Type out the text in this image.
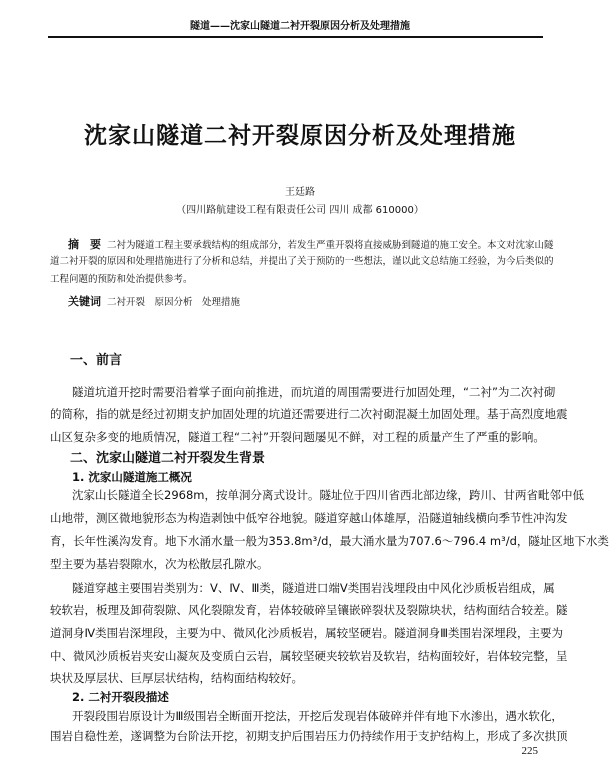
隧道——沈家山隧道二衬开裂原因分析及处理措施
沈家山隧道二衬开裂原因分析及处理措施
王廷路
（四川路航建设工程有限责任公司 四川 成都 610000）
摘　要 二衬为隧道工程主要承载结构的组成部分，若发生严重开裂将直接威胁到隧道的施工安全。本文对沈家山隧
道二衬开裂的原因和处理措施进行了分析和总结，并提出了关于预防的一些想法，谨以此文总结施工经验，为今后类似的
工程问题的预防和处治提供参考。
关键词 二衬开裂　原因分析　处理措施
一、前言
隧道坑道开挖时需要沿着掌子面向前推进，而坑道的周围需要进行加固处理，“二衬”为二次衬砌
的简称，指的就是经过初期支护加固处理的坑道还需要进行二次衬砌混凝土加固处理。基于高烈度地震
山区复杂多变的地质情况，隧道工程“二衬”开裂问题屡见不鲜，对工程的质量产生了严重的影响。
二、沈家山隧道二衬开裂发生背景
1. 沈家山隧道施工概况
沈家山长隧道全长2968m，按单洞分离式设计。隧址位于四川省西北部边缘，跨川、甘两省毗邻中低
山地带，测区微地貌形态为构造剥蚀中低窄谷地貌。隧道穿越山体雄厚，沿隧道轴线横向季节性冲沟发
育，长年性溪沟发育。地下水涌水量一般为353.8m³/d，最大涌水量为707.6～796.4 m³/d，隧址区地下水类
型主要为基岩裂隙水，次为松散层孔隙水。
隧道穿越主要围岩类别为：Ⅴ、Ⅳ、Ⅲ类，隧道进口端Ⅴ类围岩浅埋段由中风化沙质板岩组成，属
较软岩，板理及卸荷裂隙、风化裂隙发育，岩体较破碎呈镶嵌碎裂状及裂隙块状，结构面结合较差。隧
道洞身Ⅳ类围岩深埋段，主要为中、微风化沙质板岩，属较坚硬岩。隧道洞身Ⅲ类围岩深埋段，主要为
中、微风沙质板岩夹安山凝灰及变质白云岩，属较坚硬夹较软岩及软岩，结构面较好，岩体较完整，呈
块状及厚层状、巨厚层状结构，结构面结构较好。
2. 二衬开裂段描述
开裂段围岩原设计为Ⅲ级围岩全断面开挖法，开挖后发现岩体破碎并伴有地下水渗出，遇水软化，
围岩自稳性差，遂调整为台阶法开挖，初期支护后围岩压力仍持续作用于支护结构上，形成了多次拱顶
225
